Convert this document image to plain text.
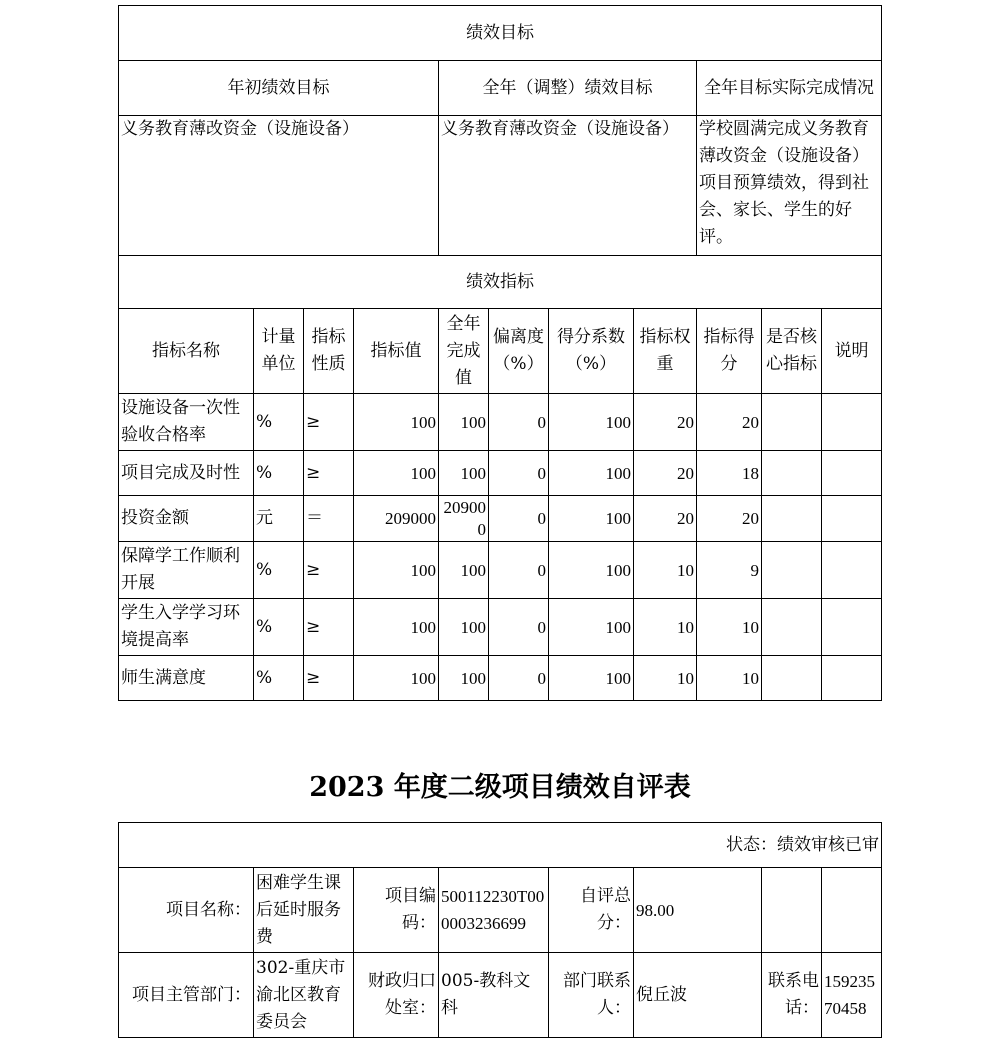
绩效目标										
年初绩效目标				全年（调整）绩效目标				全年目标实际完成情况		
义务教育薄改资金（设施设备）				义务教育薄改资金（设施设备）				学校圆满完成义务教育薄改资金（设施设备）项目预算绩效，得到社会、家长、学生的好评。		
绩效指标										
指标名称	计量单位	指标性质	指标值	全年完成值	偏离度（%）	得分系数（%）	指标权重	指标得分	是否核心指标	说明
设施设备一次性验收合格率	%	≥	100	100	0	100	20	20		
项目完成及时性	%	≥	100	100	0	100	20	18		
投资金额	元	＝	209000	209000	0	100	20	20		
保障学工作顺利开展	%	≥	100	100	0	100	10	9		
学生入学学习环境提高率	%	≥	100	100	0	100	10	10		
师生满意度	%	≥	100	100	0	100	10	10		
2023 年度二级项目绩效自评表
状态：绩效审核已审							
项目名称：	困难学生课后延时服务费	项目编码：	500112230T000003236699	自评总分：	98.00		
项目主管部门：	302-重庆市渝北区教育委员会	财政归口处室：	005-教科文科	部门联系人：	倪丘波	联系电话：	15923570458
